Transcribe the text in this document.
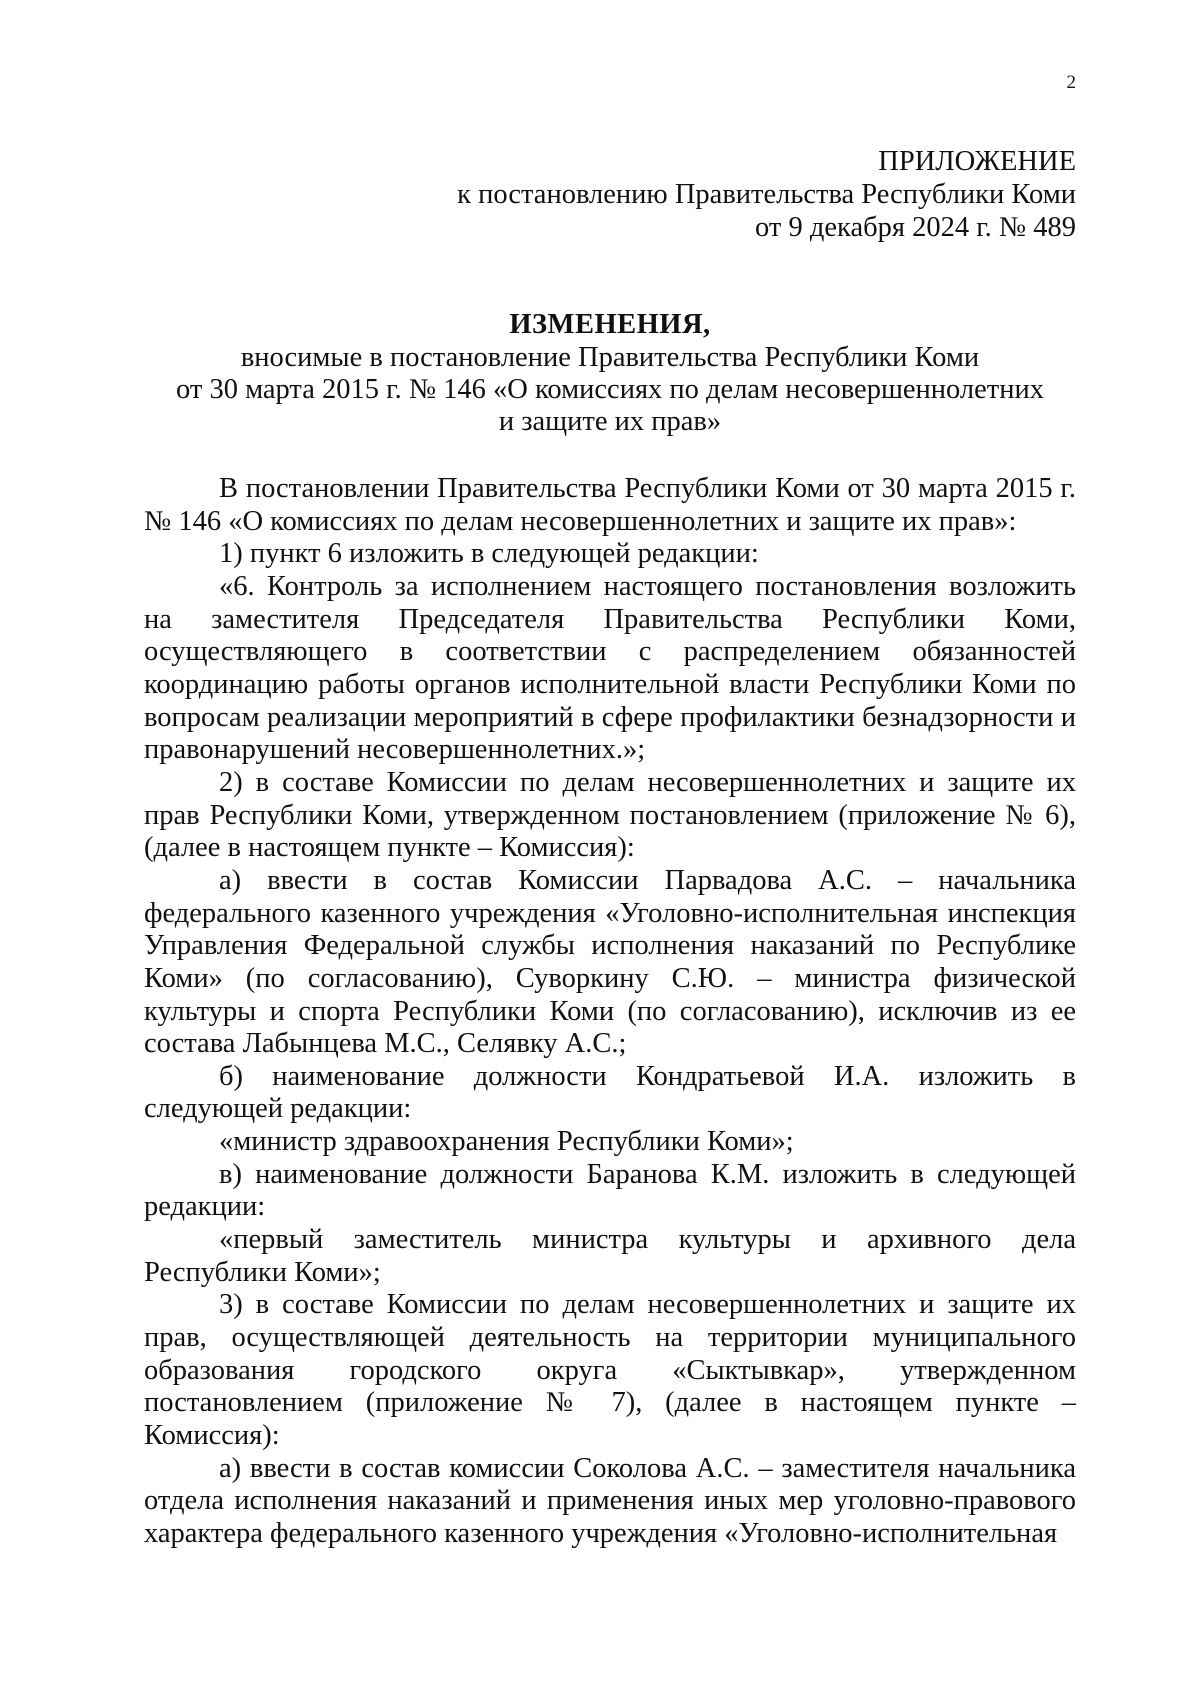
2
ПРИЛОЖЕНИЕ
к постановлению Правительства Республики Коми
от 9 декабря 2024 г. № 489
ИЗМЕНЕНИЯ,
вносимые в постановление Правительства Республики Коми
от 30 марта 2015 г. № 146 «О комиссиях по делам несовершеннолетних
и защите их прав»

В постановлении Правительства Республики Коми от 30 марта 2015 г. № 146 «О комиссиях по делам несовершеннолетних и защите их прав»:

1) пункт 6 изложить в следующей редакции:

«6. Контроль за исполнением настоящего постановления возложить на заместителя Председателя Правительства Республики Коми, осуществляющего в соответствии с распределением обязанностей координацию работы органов исполнительной власти Республики Коми по вопросам реализации мероприятий в сфере профилактики безнадзорности и правонарушений несовершеннолетних.»;

2) в составе Комиссии по делам несовершеннолетних и защите их прав Республики Коми, утвержденном постановлением (приложение № 6), (далее в настоящем пункте – Комиссия):

а) ввести в состав Комиссии Парвадова А.С. – начальника федерального казенного учреждения «Уголовно-исполнительная инспекция Управления Федеральной службы исполнения наказаний по Республике Коми» (по согласованию), Суворкину С.Ю. – министра физической культуры и спорта Республики Коми (по согласованию), исключив из ее состава Лабынцева М.С., Селявку А.С.;

б) наименование должности Кондратьевой И.А. изложить в следующей редакции:

«министр здравоохранения Республики Коми»;

в) наименование должности Баранова К.М. изложить в следующей редакции:

«первый заместитель министра культуры и архивного дела Республики Коми»;

3) в составе Комиссии по делам несовершеннолетних и защите их прав, осуществляющей деятельность на территории муниципального образования городского округа «Сыктывкар», утвержденном постановлением (приложение № 7), (далее в настоящем пункте – Комиссия):

а) ввести в состав комиссии Соколова А.С. – заместителя начальника отдела исполнения наказаний и применения иных мер уголовно-правового характера федерального казенного учреждения «Уголовно-исполнительная
